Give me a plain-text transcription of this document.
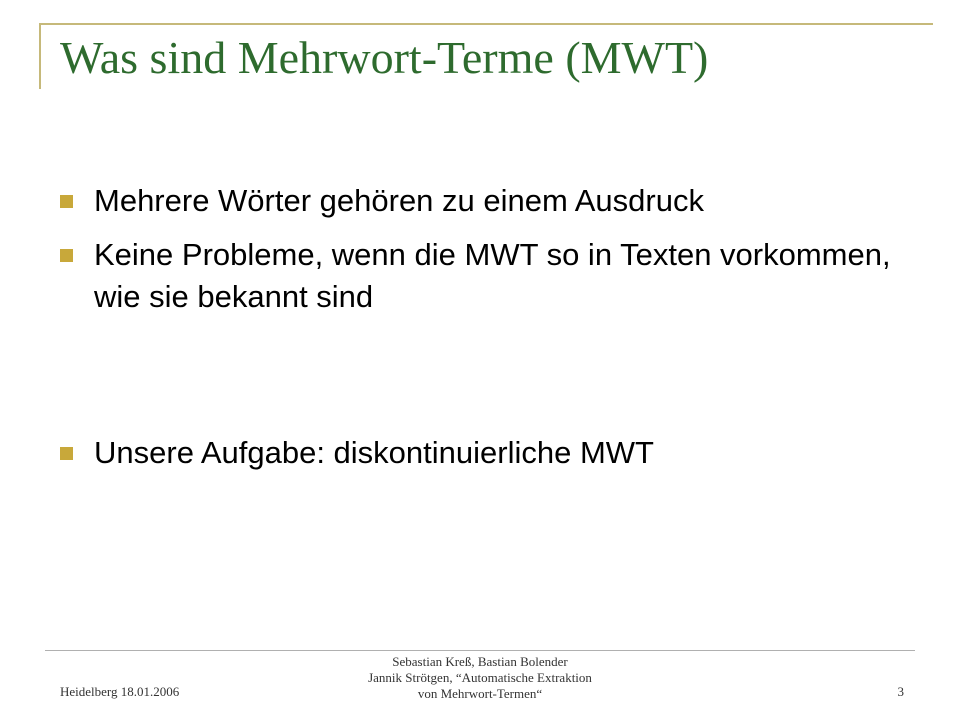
Was sind Mehrwort-Terme (MWT)
Mehrere Wörter gehören zu einem Ausdruck
Keine Probleme, wenn die MWT so in Texten vorkommen, wie sie bekannt sind
Unsere Aufgabe: diskontinuierliche MWT
Heidelberg 18.01.2006
Sebastian Kreß, Bastian Bolender
Jannik Strötgen, “Automatische Extraktion
von Mehrwort-Termen“	3
